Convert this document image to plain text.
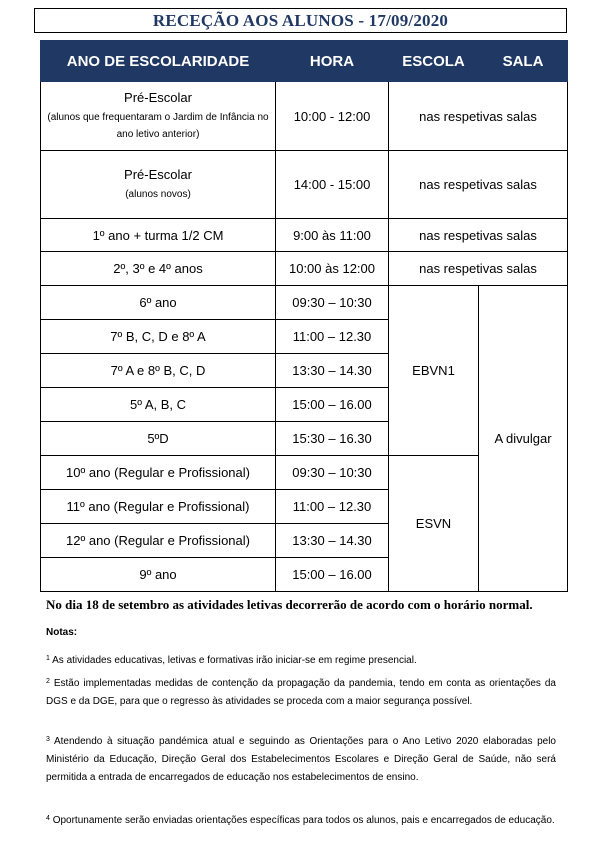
RECEÇÃO AOS ALUNOS - 17/09/2020
ANO DE ESCOLARIDADE	HORA	ESCOLA	SALA

Pré-Escolar
(alunos que frequentaram o Jardim de Infância no ano letivo anterior)	10:00 - 12:00	nas respetivas salas	

Pré-Escolar
(alunos novos)	14:00 - 15:00	nas respetivas salas	
1º ano + turma 1/2 CM	9:00 às 11:00	nas respetivas salas	
2º, 3º e 4º anos	10:00 às 12:00	nas respetivas salas	
6º ano	09:30 – 10:30	EBVN1	A divulgar
7º B, C, D e 8º A	11:00 – 12.30		
7º A e 8º B, C, D	13:30 – 14.30		
5º A, B, C	15:00 – 16.00		
5ºD	15:30 – 16.30		
10º ano (Regular e Profissional)	09:30 – 10:30	ESVN	
11º ano (Regular e Profissional)	11:00 – 12.30		
12º ano (Regular e Profissional)	13:30 – 14.30		
9º ano	15:00 – 16.00		
No dia 18 de setembro as atividades letivas decorrerão de acordo com o horário normal.
Notas:
$^1$ As atividades educativas, letivas e formativas irão iniciar-se em regime presencial.
$^2$ Estão implementadas medidas de contenção da propagação da pandemia, tendo em conta as orientações da DGS e da DGE, para que o regresso às atividades se proceda com a maior segurança possível.
$^3$ Atendendo à situação pandémica atual e seguindo as Orientações para o Ano Letivo 2020 elaboradas pelo Ministério da Educação, Direção Geral dos Estabelecimentos Escolares e Direção Geral de Saúde, não será permitida a entrada de encarregados de educação nos estabelecimentos de ensino.
$^4$ Oportunamente serão enviadas orientações específicas para todos os alunos, pais e encarregados de educação.
